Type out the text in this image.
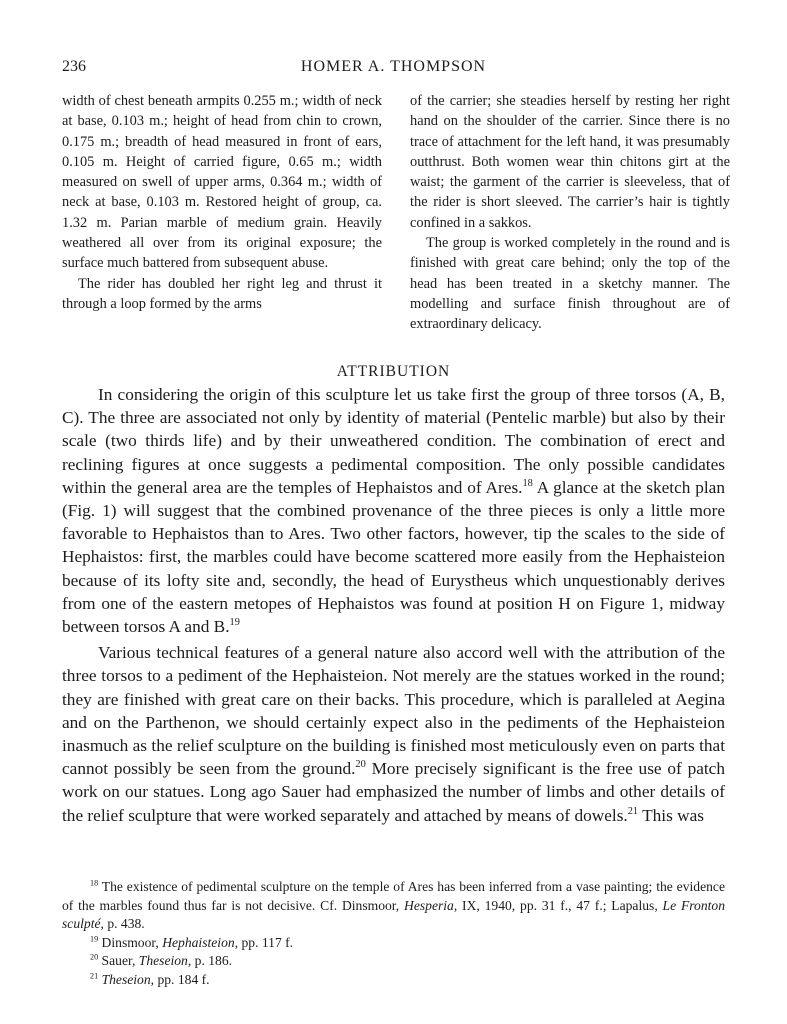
236	HOMER A. THOMPSON

width of chest beneath armpits 0.255 m.; width of neck at base, 0.103 m.; height of head from chin to crown, 0.175 m.; breadth of head measured in front of ears, 0.105 m. Height of carried figure, 0.65 m.; width measured on swell of upper arms, 0.364 m.; width of neck at base, 0.103 m. Restored height of group, ca. 1.32 m. Parian marble of medium grain. Heavily weathered all over from its original exposure; the surface much battered from subsequent abuse.

The rider has doubled her right leg and thrust it through a loop formed by the arms

of the carrier; she steadies herself by resting her right hand on the shoulder of the carrier. Since there is no trace of attachment for the left hand, it was presumably outthrust. Both women wear thin chitons girt at the waist; the garment of the carrier is sleeveless, that of the rider is short sleeved. The carrier’s hair is tightly confined in a sakkos.

The group is worked completely in the round and is finished with great care behind; only the top of the head has been treated in a sketchy manner. The modelling and surface finish throughout are of extraordinary delicacy.

ATTRIBUTION

In considering the origin of this sculpture let us take first the group of three torsos (A, B, C). The three are associated not only by identity of material (Pentelic marble) but also by their scale (two thirds life) and by their unweathered condition. The combination of erect and reclining figures at once suggests a pedimental composition. The only possible candidates within the general area are the temples of Hephaistos and of Ares.$^{18}$ A glance at the sketch plan (Fig. 1) will suggest that the combined provenance of the three pieces is only a little more favorable to Hephaistos than to Ares. Two other factors, however, tip the scales to the side of Hephaistos: first, the marbles could have become scattered more easily from the Hephaisteion because of its lofty site and, secondly, the head of Eurystheus which unquestionably derives from one of the eastern metopes of Hephaistos was found at position H on Figure 1, midway between torsos A and B.$^{19}$

Various technical features of a general nature also accord well with the attribution of the three torsos to a pediment of the Hephaisteion. Not merely are the statues worked in the round; they are finished with great care on their backs. This procedure, which is paralleled at Aegina and on the Parthenon, we should certainly expect also in the pediments of the Hephaisteion inasmuch as the relief sculpture on the building is finished most meticulously even on parts that cannot possibly be seen from the ground.$^{20}$ More precisely significant is the free use of patch work on our statues. Long ago Sauer had emphasized the number of limbs and other details of the relief sculpture that were worked separately and attached by means of dowels.$^{21}$ This was

$^{18}$ The existence of pedimental sculpture on the temple of Ares has been inferred from a vase painting; the evidence of the marbles found thus far is not decisive. Cf. Dinsmoor, Hesperia, IX, 1940, pp. 31 f., 47 f.; Lapalus, Le Fronton sculpté, p. 438.

$^{19}$ Dinsmoor, Hephaisteion, pp. 117 f.

$^{20}$ Sauer, Theseion, p. 186.

$^{21}$ Theseion, pp. 184 f.
